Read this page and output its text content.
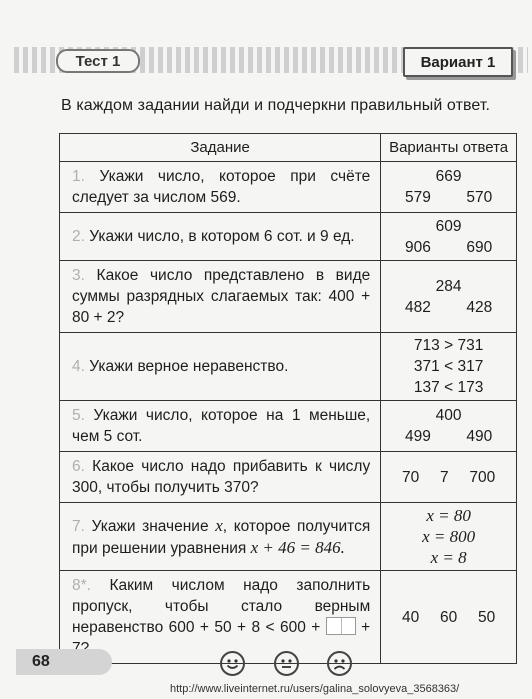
Тест 1	Вариант 1
В каждом задании найди и подчеркни правильный ответ.
Задание	Варианты ответа
1. Укажи число, которое при счёте следует за числом 569.	669
579 570

2. Укажи число, в котором 6 сот. и 9 ед.	609
906 690

3. Какое число представлено в виде суммы разрядных слагаемых так: 400 + 80 + 2?	284
482 428

4. Укажи верное неравенство.	713 > 731
371 < 317
137 < 173

5. Укажи число, которое на 1 меньше, чем 5 сот.	400
499 490

6. Какое число надо прибавить к числу 300, чтобы получить 370?	70 7 700

7. Укажи значение x, которое получится при решении уравнения x + 46 = 846.	x = 80
x = 800
x = 8

8*. Каким числом надо заполнить пропуск, чтобы стало верным неравенство 600 + 50 + 8 < 600 + +	40 60 50
68
http://www.liveinternet.ru/users/galina_solovyeva_3568363/
